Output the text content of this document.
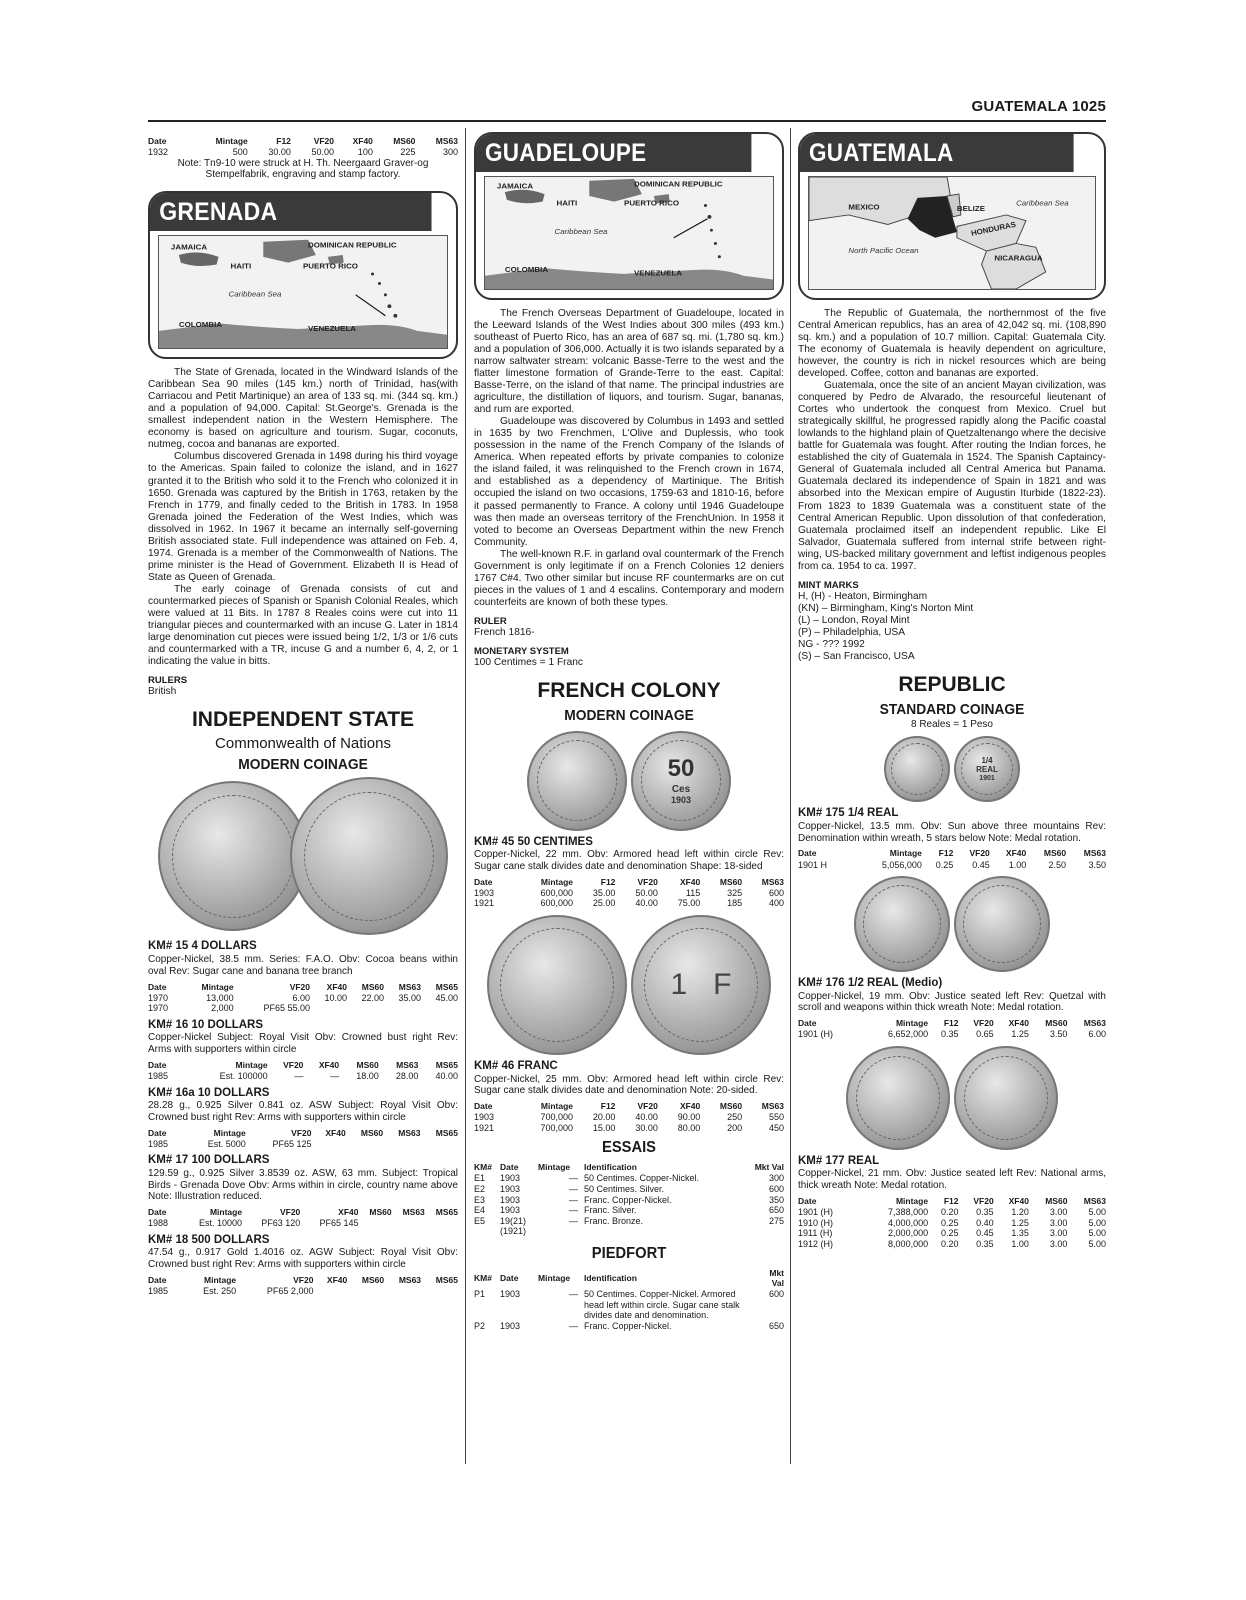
GUATEMALA 1025
Date	Mintage	F12	VF20	XF40	MS60	MS63
1932	500	30.00	50.00	100	225	300
Note: Tn9-10 were struck at H. Th. Neergaard Graver-og Stempelfabrik, engraving and stamp factory.
GRENADA
JAMAICA	DOMINICAN REPUBLIC
HAITI	PUERTO RICO
Caribbean Sea
COLOMBIA	VENEZUELA

The State of Grenada, located in the Windward Islands of the Caribbean Sea 90 miles (145 km.) north of Trinidad, has(with Carriacou and Petit Martinique) an area of 133 sq. mi. (344 sq. km.) and a population of 94,000. Capital: St.George's. Grenada is the smallest independent nation in the Western Hemisphere. The economy is based on agriculture and tourism. Sugar, coconuts, nutmeg, cocoa and bananas are exported.

Columbus discovered Grenada in 1498 during his third voyage to the Americas. Spain failed to colonize the island, and in 1627 granted it to the British who sold it to the French who colonized it in 1650. Grenada was captured by the British in 1763, retaken by the French in 1779, and finally ceded to the British in 1783. In 1958 Grenada joined the Federation of the West Indies, which was dissolved in 1962. In 1967 it became an internally self-governing British associated state. Full independence was attained on Feb. 4, 1974. Grenada is a member of the Commonwealth of Nations. The prime minister is the Head of Government. Elizabeth II is Head of State as Queen of Grenada.

The early coinage of Grenada consists of cut and countermarked pieces of Spanish or Spanish Colonial Reales, which were valued at 11 Bits. In 1787 8 Reales coins were cut into 11 triangular pieces and countermarked with an incuse G. Later in 1814 large denomination cut pieces were issued being 1/2, 1/3 or 1/6 cuts and countermarked with a TR, incuse G and a number 6, 4, 2, or 1 indicating the value in bitts.

RULERS
British
INDEPENDENT STATE
Commonwealth of Nations
MODERN COINAGE
KM# 15 4 DOLLARS
Copper-Nickel, 38.5 mm. Series: F.A.O. Obv: Cocoa beans within oval Rev: Sugar cane and banana tree branch
Date	Mintage	VF20	XF40	MS60	MS63	MS65
1970	13,000	6.00	10.00	22.00	35.00	45.00
1970	2,000	PF65 55.00				
KM# 16 10 DOLLARS
Copper-Nickel Subject: Royal Visit Obv: Crowned bust right Rev: Arms with supporters within circle
Date	Mintage	VF20	XF40	MS60	MS63	MS65
1985	Est. 100000	—	—	18.00	28.00	40.00
KM# 16a 10 DOLLARS
28.28 g., 0.925 Silver 0.841 oz. ASW Subject: Royal Visit Obv: Crowned bust right Rev: Arms with supporters within circle
Date	Mintage	VF20	XF40	MS60	MS63	MS65
1985	Est. 5000	PF65 125				
KM# 17 100 DOLLARS
129.59 g., 0.925 Silver 3.8539 oz. ASW, 63 mm. Subject: Tropical Birds - Grenada Dove Obv: Arms within in circle, country name above Note: Illustration reduced.
Date	Mintage	VF20	XF40	MS60	MS63	MS65
1988	Est. 10000	PF63 120	PF65 145			
KM# 18 500 DOLLARS
47.54 g., 0.917 Gold 1.4016 oz. AGW Subject: Royal Visit Obv: Crowned bust right Rev: Arms with supporters within circle
Date	Mintage	VF20	XF40	MS60	MS63	MS65
1985	Est. 250	PF65 2,000				
GUADELOUPE
JAMAICA	DOMINICAN REPUBLIC
HAITI	PUERTO RICO
Caribbean Sea
COLOMBIA	VENEZUELA

The French Overseas Department of Guadeloupe, located in the Leeward Islands of the West Indies about 300 miles (493 km.) southeast of Puerto Rico, has an area of 687 sq. mi. (1,780 sq. km.) and a population of 306,000. Actually it is two islands separated by a narrow saltwater stream: volcanic Basse-Terre to the west and the flatter limestone formation of Grande-Terre to the east. Capital: Basse-Terre, on the island of that name. The principal industries are agriculture, the distillation of liquors, and tourism. Sugar, bananas, and rum are exported.

Guadeloupe was discovered by Columbus in 1493 and settled in 1635 by two Frenchmen, L'Olive and Duplessis, who took possession in the name of the French Company of the Islands of America. When repeated efforts by private companies to colonize the island failed, it was relinquished to the French crown in 1674, and established as a dependency of Martinique. The British occupied the island on two occasions, 1759-63 and 1810-16, before it passed permanently to France. A colony until 1946 Guadeloupe was then made an overseas territory of the FrenchUnion. In 1958 it voted to become an Overseas Department within the new French Community.

The well-known R.F. in garland oval countermark of the French Government is only legitimate if on a French Colonies 12 deniers 1767 C#4. Two other similar but incuse RF countermarks are on cut pieces in the values of 1 and 4 escalins. Contemporary and modern counterfeits are known of both these types.

RULER
French 1816-
MONETARY SYSTEM
100 Centimes = 1 Franc
FRENCH COLONY
MODERN COINAGE
50
Ces
1903
KM# 45 50 CENTIMES
Copper-Nickel, 22 mm. Obv: Armored head left within circle Rev: Sugar cane stalk divides date and denomination Shape: 18-sided
Date	Mintage	F12	VF20	XF40	MS60	MS63
1903	600,000	35.00	50.00	115	325	600
1921	600,000	25.00	40.00	75.00	185	400
1 F
KM# 46 FRANC
Copper-Nickel, 25 mm. Obv: Armored head left within circle Rev: Sugar cane stalk divides date and denomination Note: 20-sided.
Date	Mintage	F12	VF20	XF40	MS60	MS63
1903	700,000	20.00	40.00	90.00	250	550
1921	700,000	15.00	30.00	80.00	200	450
ESSAIS
KM#	Date	Mintage	Identification	Mkt Val
E1	1903	—	50 Centimes. Copper-Nickel.	300
E2	1903	—	50 Centimes. Silver.	600
E3	1903	—	Franc. Copper-Nickel.	350
E4	1903	—	Franc. Silver.	650
E5	19(21) (1921)	—	Franc. Bronze.	275
PIEDFORT
KM#	Date	Mintage	Identification	Mkt Val
P1	1903	—	50 Centimes. Copper-Nickel. Armored head left within circle. Sugar cane stalk divides date and denomination.	600
P2	1903	—	Franc. Copper-Nickel.	650
GUATEMALA
MEXICO	BELIZE
Caribbean Sea
HONDURAS
North Pacific Ocean
NICARAGUA

The Republic of Guatemala, the northernmost of the five Central American republics, has an area of 42,042 sq. mi. (108,890 sq. km.) and a population of 10.7 million. Capital: Guatemala City. The economy of Guatemala is heavily dependent on agriculture, however, the country is rich in nickel resources which are being developed. Coffee, cotton and bananas are exported.

Guatemala, once the site of an ancient Mayan civilization, was conquered by Pedro de Alvarado, the resourceful lieutenant of Cortes who undertook the conquest from Mexico. Cruel but strategically skillful, he progressed rapidly along the Pacific coastal lowlands to the highland plain of Quetzaltenango where the decisive battle for Guatemala was fought. After routing the Indian forces, he established the city of Guatemala in 1524. The Spanish Captaincy-General of Guatemala included all Central America but Panama. Guatemala declared its independence of Spain in 1821 and was absorbed into the Mexican empire of Augustin Iturbide (1822-23). From 1823 to 1839 Guatemala was a constituent state of the Central American Republic. Upon dissolution of that confederation, Guatemala proclaimed itself an independent republic. Like El Salvador, Guatemala suffered from internal strife between right-wing, US-backed military government and leftist indigenous peoples from ca. 1954 to ca. 1997.

MINT MARKS
H, (H) - Heaton, Birmingham
(KN) – Birmingham, King's Norton Mint
(L) – London, Royal Mint
(P) – Philadelphia, USA
NG - ??? 1992
(S) – San Francisco, USA
REPUBLIC
STANDARD COINAGE
8 Reales = 1 Peso
1/4
REAL
1901
KM# 175 1/4 REAL
Copper-Nickel, 13.5 mm. Obv: Sun above three mountains Rev: Denomination within wreath, 5 stars below Note: Medal rotation.
Date	Mintage	F12	VF20	XF40	MS60	MS63
1901 H	5,056,000	0.25	0.45	1.00	2.50	3.50
KM# 176 1/2 REAL (Medio)
Copper-Nickel, 19 mm. Obv: Justice seated left Rev: Quetzal with scroll and weapons within thick wreath Note: Medal rotation.
Date	Mintage	F12	VF20	XF40	MS60	MS63
1901 (H)	6,652,000	0.35	0.65	1.25	3.50	6.00
KM# 177 REAL
Copper-Nickel, 21 mm. Obv: Justice seated left Rev: National arms, thick wreath Note: Medal rotation.
Date	Mintage	F12	VF20	XF40	MS60	MS63
1901 (H)	7,388,000	0.20	0.35	1.20	3.00	5.00
1910 (H)	4,000,000	0.25	0.40	1.25	3.00	5.00
1911 (H)	2,000,000	0.25	0.45	1.35	3.00	5.00
1912 (H)	8,000,000	0.20	0.35	1.00	3.00	5.00
